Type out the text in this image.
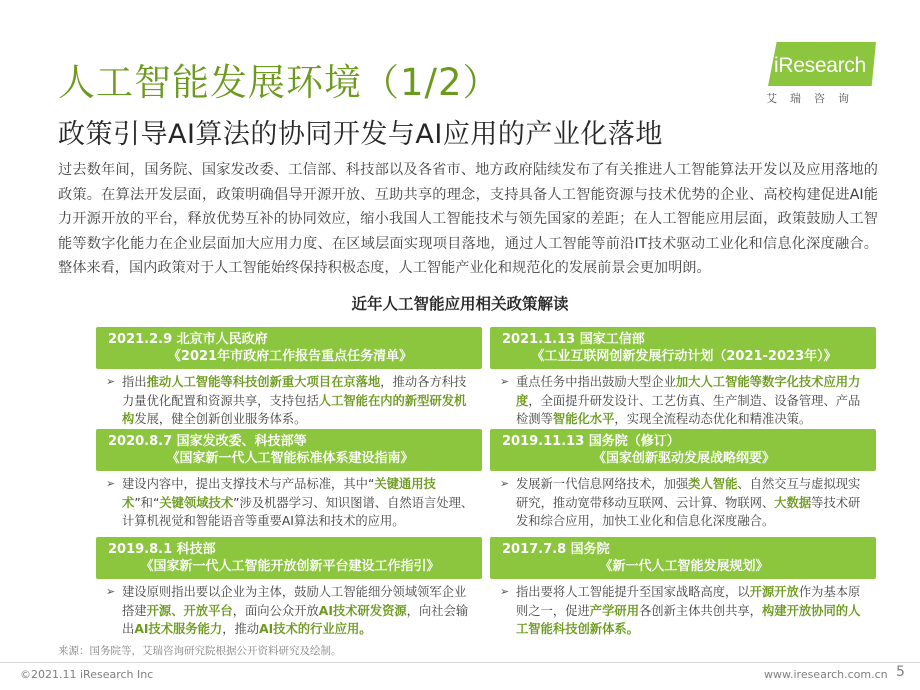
人工智能发展环境（1/2）
政策引导AI算法的协同开发与AI应用的产业化落地
iResearch
艾瑞咨询
过去数年间，国务院、国家发改委、工信部、科技部以及各省市、地方政府陆续发布了有关推进人工智能算法开发以及应用落地的政策。在算法开发层面，政策明确倡导开源开放、互助共享的理念，支持具备人工智能资源与技术优势的企业、高校构建促进AI能力开源开放的平台，释放优势互补的协同效应，缩小我国人工智能技术与领先国家的差距；在人工智能应用层面，政策鼓励人工智能等数字化能力在企业层面加大应用力度、在区域层面实现项目落地，通过人工智能等前沿IT技术驱动工业化和信息化深度融合。整体来看，国内政策对于人工智能始终保持积极态度，人工智能产业化和规范化的发展前景会更加明朗。
近年人工智能应用相关政策解读
2021.2.9 北京市人民政府
《2021年市政府工作报告重点任务清单》
➢ 指出推动人工智能等科技创新重大项目在京落地，推动各方科技力量优化配置和资源共享，支持包括人工智能在内的新型研发机构发展，健全创新创业服务体系。
2021.1.13 国家工信部
《工业互联网创新发展行动计划（2021-2023年）》
➢ 重点任务中指出鼓励大型企业加大人工智能等数字化技术应用力度，全面提升研发设计、工艺仿真、生产制造、设备管理、产品检测等智能化水平，实现全流程动态优化和精准决策。
2020.8.7 国家发改委、科技部等
《国家新一代人工智能标准体系建设指南》
➢ 建设内容中，提出支撑技术与产品标准，其中“关键通用技术”和“关键领域技术”涉及机器学习、知识图谱、自然语言处理、计算机视觉和智能语音等重要AI算法和技术的应用。
2019.11.13 国务院（修订）
《国家创新驱动发展战略纲要》
➢ 发展新一代信息网络技术，加强类人智能、自然交互与虚拟现实研究，推动宽带移动互联网、云计算、物联网、大数据等技术研发和综合应用，加快工业化和信息化深度融合。
2019.8.1 科技部
《国家新一代人工智能开放创新平台建设工作指引》
➢ 建设原则指出要以企业为主体，鼓励人工智能细分领域领军企业搭建开源、开放平台，面向公众开放AI技术研发资源，向社会输出AI技术服务能力，推动AI技术的行业应用。
2017.7.8 国务院
《新一代人工智能发展规划》
➢ 指出要将人工智能提升至国家战略高度，以开源开放作为基本原则之一，促进产学研用各创新主体共创共享，构建开放协同的人工智能科技创新体系。
来源：国务院等，艾瑞咨询研究院根据公开资料研究及绘制。
©2021.11 iResearch Inc	www.iresearch.com.cn 5
